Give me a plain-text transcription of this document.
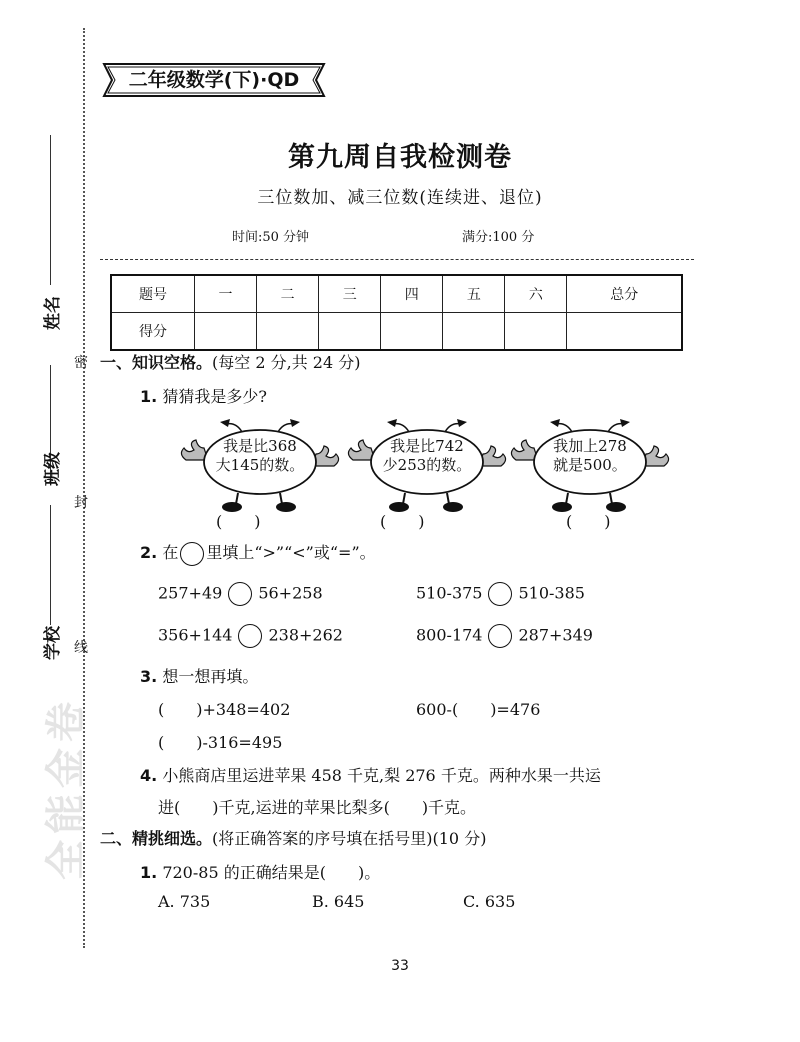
姓名
班级
学校
密
封
线
全能金卷
二年级数学(下)·QD
第九周自我检测卷
三位数加、减三位数(连续进、退位)
时间:50 分钟	满分:100 分
题号	一	二	三	四	五	六	总分
得分							
一、知识空格。(每空 2 分,共 24 分)
1. 猜猜我是多少?
我是比368
大145的数。
(　　)
我是比742
少253的数。
(　　)
我加上278
就是500。
(　　)
2. 在 里填上“>”“<”或“=”。
257+49 56+258	510-375 510-385
356+144 238+262	800-174 287+349
3. 想一想再填。
(　　)+348=402	600-(　　)=476
(　　)-316=495
4. 小熊商店里运进苹果 458 千克,梨 276 千克。两种水果一共运
进(　　)千克,运进的苹果比梨多(　　)千克。
二、精挑细选。(将正确答案的序号填在括号里)(10 分)
1. 720-85 的正确结果是(　　)。
A. 735	B. 645	C. 635
33
